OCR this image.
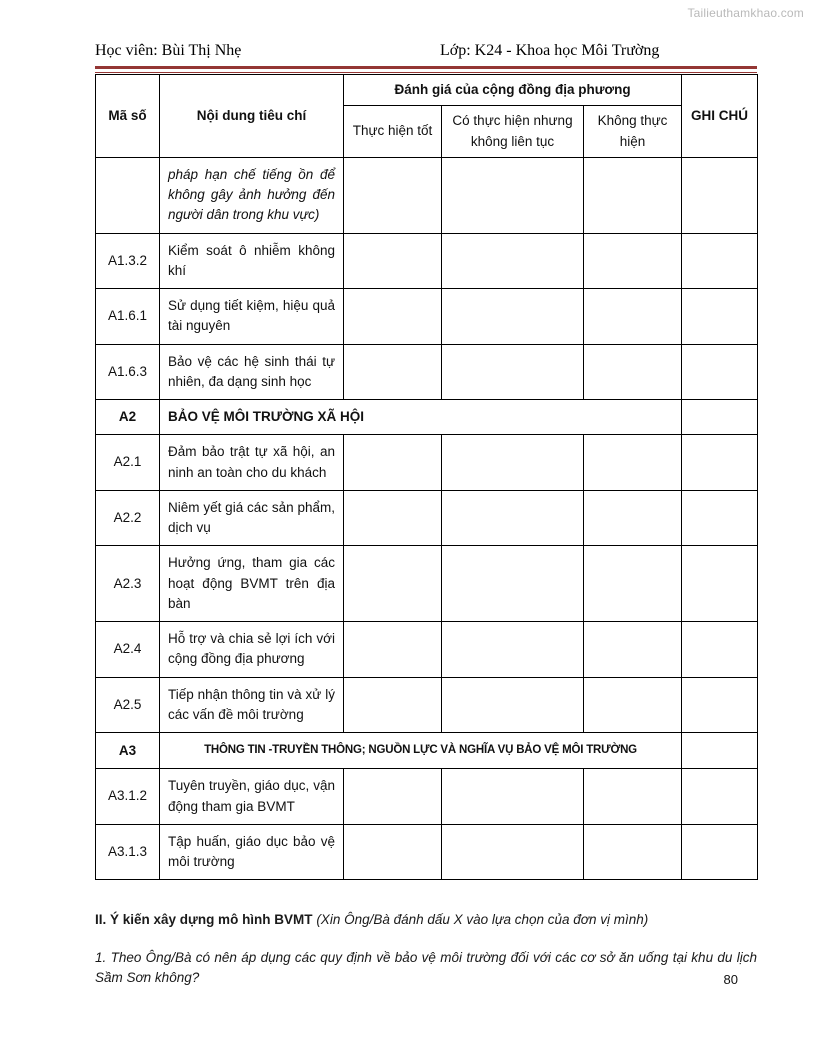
Tailieuthamkhao.com
Học viên: Bùi Thị Nhẹ	Lớp: K24 - Khoa học Môi Trường
Mã số	Nội dung tiêu chí	Đánh giá của cộng đồng địa phương			GHI CHÚ
		Thực hiện tốt	Có thực hiện nhưng không liên tục	Không thực hiện	
	pháp hạn chế tiếng ồn để không gây ảnh hưởng đến người dân trong khu vực)				
A1.3.2	Kiểm soát ô nhiễm không khí				
A1.6.1	Sử dụng tiết kiệm, hiệu quả tài nguyên				
A1.6.3	Bảo vệ các hệ sinh thái tự nhiên, đa dạng sinh học				
A2	BẢO VỆ MÔI TRƯỜNG XÃ HỘI				
A2.1	Đảm bảo trật tự xã hội, an ninh an toàn cho du khách				
A2.2	Niêm yết giá các sản phẩm, dịch vụ				
A2.3	Hưởng ứng, tham gia các hoạt động BVMT trên địa bàn				
A2.4	Hỗ trợ và chia sẻ lợi ích với cộng đồng địa phương				
A2.5	Tiếp nhận thông tin và xử lý các vấn đề môi trường				
A3	THÔNG TIN -TRUYỀN THÔNG; NGUỒN LỰC VÀ NGHĨA VỤ BẢO VỆ MÔI TRƯỜNG				
A3.1.2	Tuyên truyền, giáo dục, vận động tham gia BVMT				
A3.1.3	Tập huấn, giáo dục bảo vệ môi trường				
II. Ý kiến xây dựng mô hình BVMT (Xin Ông/Bà đánh dấu X vào lựa chọn của đơn vị mình)
1. Theo Ông/Bà có nên áp dụng các quy định về bảo vệ môi trường đối với các cơ sở ăn uống tại khu du lịch Sầm Sơn không?	80
